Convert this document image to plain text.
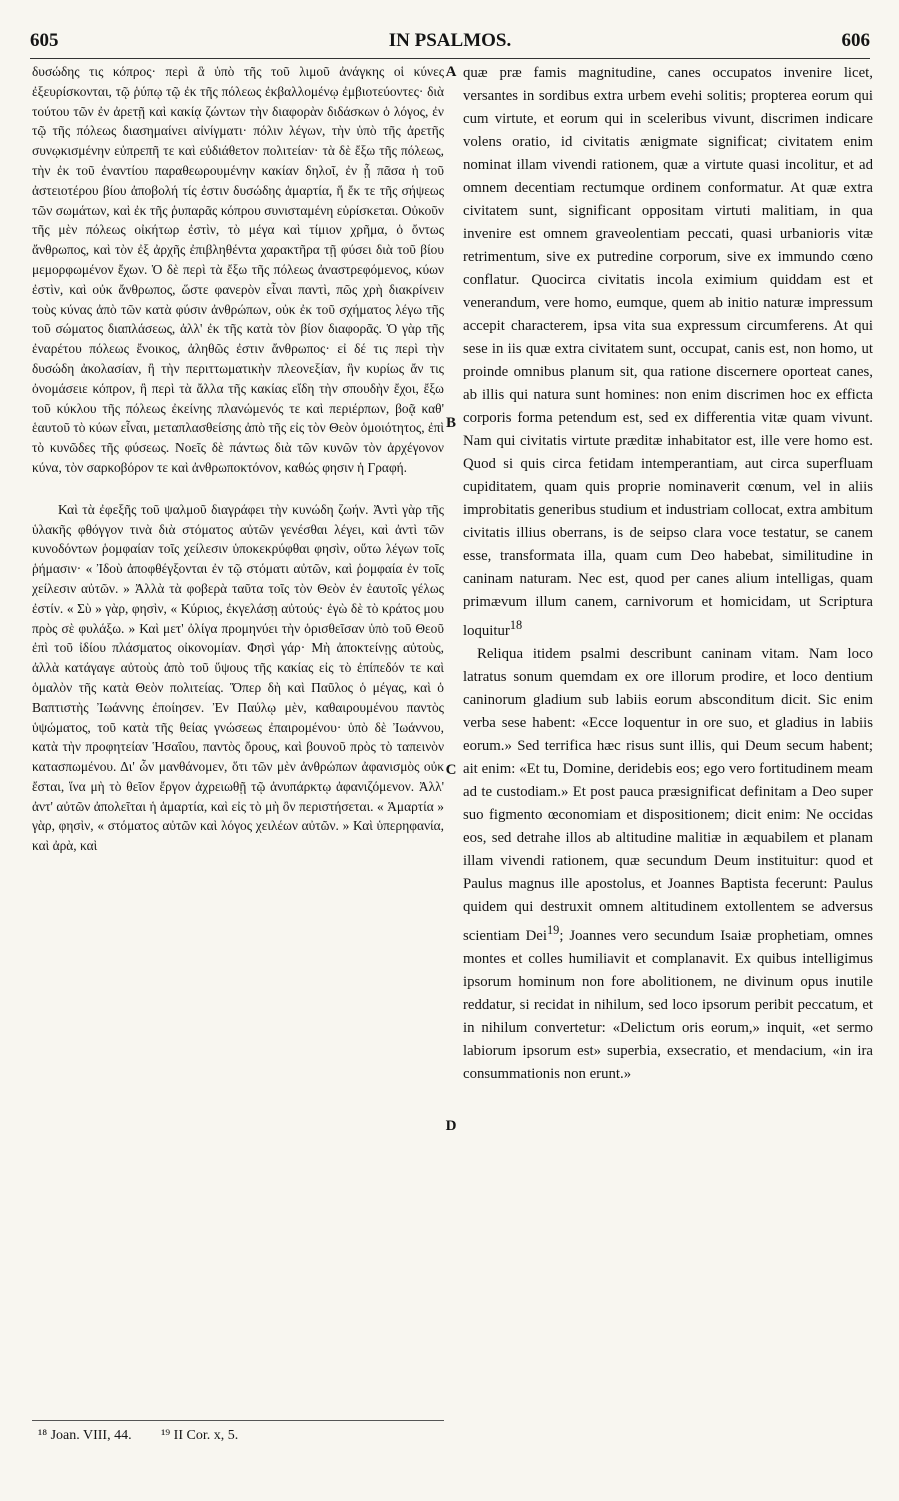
605	IN PSALMOS.	606

δυσώδης τις κόπρος· περὶ ἃ ὑπὸ τῆς τοῦ λιμοῦ ἀνάγκης οἱ κύνες ἐξευρίσκονται, τῷ ῥύπῳ τῷ ἐκ τῆς πόλεως ἐκβαλλομένῳ ἐμβιοτεύοντες· διὰ τούτου τῶν ἐν ἀρετῇ καὶ κακίᾳ ζώντων τὴν διαφορὰν διδάσκων ὁ λόγος, ἐν τῷ τῆς πόλεως διασημαίνει αἰνίγματι· πόλιν λέγων, τὴν ὑπὸ τῆς ἀρετῆς συνῳκισμένην εὐπρεπῆ τε καὶ εὐδιάθετον πολιτείαν· τὰ δὲ ἔξω τῆς πόλεως, τὴν ἐκ τοῦ ἐναντίου παραθεωρουμένην κακίαν δηλοῖ, ἐν ᾗ πᾶσα ἡ τοῦ ἀστειοτέρου βίου ἀποβολή τίς ἐστιν δυσώδης ἁμαρτία, ἥ ἔκ τε τῆς σήψεως τῶν σωμάτων, καὶ ἐκ τῆς ῥυπαρᾶς κόπρου συνισταμένη εὑρίσκεται. Οὐκοῦν τῆς μὲν πόλεως οἰκήτωρ ἐστὶν, τὸ μέγα καὶ τίμιον χρῆμα, ὁ ὄντως ἄνθρωπος, καὶ τὸν ἐξ ἀρχῆς ἐπιβληθέντα χαρακτῆρα τῇ φύσει διὰ τοῦ βίου μεμορφωμένον ἔχων. Ὁ δὲ περὶ τὰ ἔξω τῆς πόλεως ἀναστρεφόμενος, κύων ἐστὶν, καὶ οὐκ ἄνθρωπος, ὥστε φανερὸν εἶναι παντὶ, πῶς χρὴ διακρίνειν τοὺς κύνας ἀπὸ τῶν κατὰ φύσιν ἀνθρώπων, οὐκ ἐκ τοῦ σχήματος λέγω τῆς τοῦ σώματος διαπλάσεως, ἀλλ' ἐκ τῆς κατὰ τὸν βίον διαφορᾶς. Ὁ γὰρ τῆς ἐναρέτου πόλεως ἔνοικος, ἀληθῶς ἐστιν ἄνθρωπος· εἰ δέ τις περὶ τὴν δυσώδη ἀκολασίαν, ἢ τὴν περιττωματικὴν πλεονεξίαν, ἣν κυρίως ἄν τις ὀνομάσειε κόπρον, ἢ περὶ τὰ ἄλλα τῆς κακίας εἴδη τὴν σπουδὴν ἔχοι, ἔξω τοῦ κύκλου τῆς πόλεως ἐκείνης πλανώμενός τε καὶ περιέρπων, βοᾷ καθ' ἑαυτοῦ τὸ κύων εἶναι, μεταπλασθείσης ἀπὸ τῆς εἰς τὸν Θεὸν ὁμοιότητος, ἐπὶ τὸ κυνῶδες τῆς φύσεως. Νοεῖς δὲ πάντως διὰ τῶν κυνῶν τὸν ἀρχέγονον κύνα, τὸν σαρκοβόρον τε καὶ ἀνθρωποκτόνον, καθώς φησιν ἡ Γραφή.

Καὶ τὰ ἐφεξῆς τοῦ ψαλμοῦ διαγράφει τὴν κυνώδη ζωήν. Ἀντὶ γὰρ τῆς ὑλακῆς φθόγγον τινὰ διὰ στόματος αὐτῶν γενέσθαι λέγει, καὶ ἀντὶ τῶν κυνοδόντων ῥομφαίαν τοῖς χείλεσιν ὑποκεκρύφθαι φησὶν, οὕτω λέγων τοῖς ῥήμασιν· « Ἰδοὺ ἀποφθέγξονται ἐν τῷ στόματι αὐτῶν, καὶ ῥομφαία ἐν τοῖς χείλεσιν αὐτῶν. » Ἀλλὰ τὰ φοβερὰ ταῦτα τοῖς τὸν Θεὸν ἐν ἑαυτοῖς γέλως ἐστίν. « Σὺ » γὰρ, φησὶν, « Κύριος, ἐκγελάσῃ αὐτούς· ἐγὼ δὲ τὸ κράτος μου πρὸς σὲ φυλάξω. » Καὶ μετ' ὀλίγα προμηνύει τὴν ὁρισθεῖσαν ὑπὸ τοῦ Θεοῦ ἐπὶ τοῦ ἰδίου πλάσματος οἰκονομίαν. Φησὶ γάρ· Μὴ ἀποκτείνῃς αὐτοὺς, ἀλλὰ κατάγαγε αὐτοὺς ἀπὸ τοῦ ὕψους τῆς κακίας εἰς τὸ ἐπίπεδόν τε καὶ ὁμαλὸν τῆς κατὰ Θεὸν πολιτείας. Ὅπερ δὴ καὶ Παῦλος ὁ μέγας, καὶ ὁ Βαπτιστὴς Ἰωάννης ἐποίησεν. Ἐν Παύλῳ μὲν, καθαιρουμένου παντὸς ὑψώματος, τοῦ κατὰ τῆς θείας γνώσεως ἐπαιρομένου· ὑπὸ δὲ Ἰωάννου, κατὰ τὴν προφητείαν Ἡσαΐου, παντὸς ὄρους, καὶ βουνοῦ πρὸς τὸ ταπεινὸν κατασπωμένου. Δι' ὧν μανθάνομεν, ὅτι τῶν μὲν ἀνθρώπων ἀφανισμὸς οὐκ ἔσται, ἵνα μὴ τὸ θεῖον ἔργον ἀχρειωθῇ τῷ ἀνυπάρκτῳ ἀφανιζόμενον. Ἀλλ' ἀντ' αὐτῶν ἀπολεῖται ἡ ἁμαρτία, καὶ εἰς τὸ μὴ ὂν περιστήσεται. « Ἁμαρτία » γὰρ, φησὶν, « στόματος αὐτῶν καὶ λόγος χειλέων αὐτῶν. » Καὶ ὑπερηφανία, καὶ ἀρὰ, καὶ

A
B
C
D

quæ præ famis magnitudine, canes occupatos invenire licet, versantes in sordibus extra urbem evehi solitis; propterea eorum qui cum virtute, et eorum qui in sceleribus vivunt, discrimen indicare volens oratio, id civitatis ænigmate significat; civitatem enim nominat illam vivendi rationem, quæ a virtute quasi incolitur, et ad omnem decentiam rectumque ordinem conformatur. At quæ extra civitatem sunt, significant oppositam virtuti malitiam, in qua invenire est omnem graveolentiam peccati, quasi urbanioris vitæ retrimentum, sive ex putredine corporum, sive ex immundo cœno conflatur. Quocirca civitatis incola eximium quiddam est et venerandum, vere homo, eumque, quem ab initio naturæ impressum accepit characterem, ipsa vita sua expressum circumferens. At qui sese in iis quæ extra civitatem sunt, occupat, canis est, non homo, ut proinde omnibus planum sit, qua ratione discernere oporteat canes, ab illis qui natura sunt homines: non enim discrimen hoc ex efficta corporis forma petendum est, sed ex differentia vitæ quam vivunt. Nam qui civitatis virtute præditæ inhabitator est, ille vere homo est. Quod si quis circa fetidam intemperantiam, aut circa superfluam cupiditatem, quam quis proprie nominaverit cœnum, vel in aliis improbitatis generibus studium et industriam collocat, extra ambitum civitatis illius oberrans, is de seipso clara voce testatur, se canem esse, transformata illa, quam cum Deo habebat, similitudine in caninam naturam. Nec est, quod per canes alium intelligas, quam primævum illum canem, carnivorum et homicidam, ut Scriptura loquitur$^{18}$

Reliqua itidem psalmi describunt caninam vitam. Nam loco latratus sonum quemdam ex ore illorum prodire, et loco dentium caninorum gladium sub labiis eorum absconditum dicit. Sic enim verba sese habent: «Ecce loquentur in ore suo, et gladius in labiis eorum.» Sed terrifica hæc risus sunt illis, qui Deum secum habent; ait enim: «Et tu, Domine, deridebis eos; ego vero fortitudinem meam ad te custodiam.» Et post pauca præsignificat definitam a Deo super suo figmento œconomiam et dispositionem; dicit enim: Ne occidas eos, sed detrahe illos ab altitudine malitiæ in æquabilem et planam illam vivendi rationem, quæ secundum Deum instituitur: quod et Paulus magnus ille apostolus, et Joannes Baptista fecerunt: Paulus quidem qui destruxit omnem altitudinem extollentem se adversus scientiam Dei$^{19}$; Joannes vero secundum Isaiæ prophetiam, omnes montes et colles humiliavit et complanavit. Ex quibus intelligimus ipsorum hominum non fore abolitionem, ne divinum opus inutile reddatur, si recidat in nihilum, sed loco ipsorum peribit peccatum, et in nihilum convertetur: «Delictum oris eorum,» inquit, «et sermo labiorum ipsorum est» superbia, exsecratio, et mendacium, «in ira consummationis non erunt.»

¹⁸ Joan. VIII, 44. ¹⁹ II Cor. x, 5.
